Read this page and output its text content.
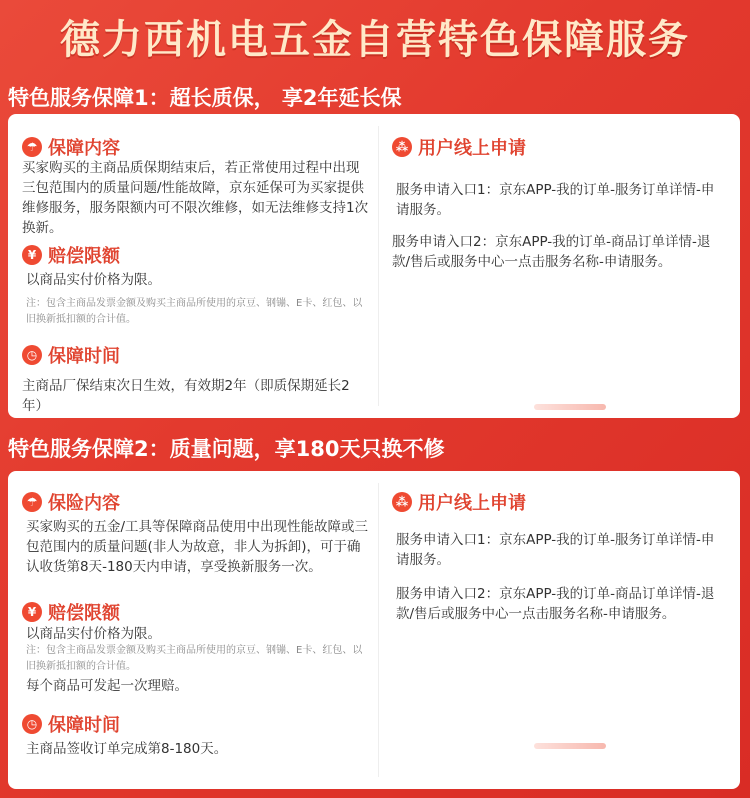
德力西机电五金自营特色保障服务
特色服务保障1：超长质保， 享2年延长保
☂ 保障内容
买家购买的主商品质保期结束后，若正常使用过程中出现三包范围内的质量问题/性能故障，京东延保可为买家提供维修服务，服务限额内可不限次维修，如无法维修支持1次换新。
¥ 赔偿限额
以商品实付价格为限。
注：包含主商品发票金额及购买主商品所使用的京豆、钢镚、E卡、红包、以旧换新抵扣额的合计值。
◷ 保障时间
主商品厂保结束次日生效，有效期2年（即质保期延长2年）
⁂ 用户线上申请
服务申请入口1：京东APP-我的订单-服务订单详情-申请服务。
服务申请入口2：京东APP-我的订单-商品订单详情-退款/售后或服务中心一点击服务名称-申请服务。
特色服务保障2：质量问题，享180天只换不修
☂ 保险内容
买家购买的五金/工具等保障商品使用中出现性能故障或三包范围内的质量问题(非人为故意，非人为拆卸)，可于确认收货第8天-180天内申请，享受换新服务一次。
¥ 赔偿限额
以商品实付价格为限。
注：包含主商品发票金额及购买主商品所使用的京豆、钢镚、E卡、红包、以旧换新抵扣额的合计值。
每个商品可发起一次理赔。
◷ 保障时间
主商品签收订单完成第8-180天。
⁂ 用户线上申请
服务申请入口1：京东APP-我的订单-服务订单详情-申请服务。
服务申请入口2：京东APP-我的订单-商品订单详情-退款/售后或服务中心一点击服务名称-申请服务。
